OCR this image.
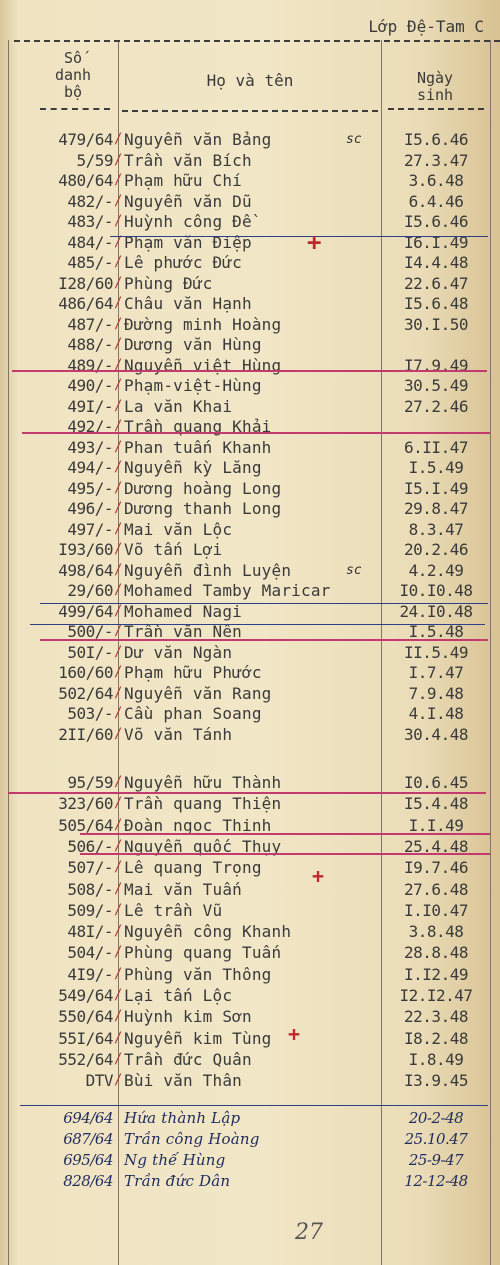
Lớp Đệ-Tam C
Số danh bộ
Họ và tên	Ngày sinh
479/64 Nguyễn văn Bảng	I5.6.46
/	sc
5/59 Trần văn Bích	27.3.47
/
480/64 Phạm hữu Chí	3.6.48
/
482/- Nguyễn văn Dũ	6.4.46
/
483/- Huỳnh công Đề	I5.6.46
/
484/- Phạm văn Điệp	I6.I.49
/
485/- Lê phước Đức	I4.4.48
/
I28/60 Phùng Đức	22.6.47
/
486/64 Châu văn Hạnh	I5.6.48
/
487/- Đường minh Hoàng	30.I.50
/
488/- Dương văn Hùng
/
489/- Nguyễn việt Hùng	I7.9.49
/
490/- Phạm-việt-Hùng	30.5.49
/
49I/- La văn Khai	27.2.46
/
492/- Trần quang Khải
/
493/- Phan tuấn Khanh	6.II.47
/
494/- Nguyễn kỳ Lăng	I.5.49
/
495/- Dương hoàng Long	I5.I.49
/
496/- Dương thanh Long	29.8.47
/
497/- Mai văn Lộc	8.3.47
/
I93/60 Võ tấn Lợi	20.2.46
/
498/64 Nguyễn đình Luyện	4.2.49
/	sc
29/60 Mohamed Tamby Maricar	I0.I0.48
/
499/64 Mohamed Nagi	24.I0.48
/
500/- Trần văn Nên	I.5.48
/
50I/- Dư văn Ngàn	II.5.49
/
160/60 Phạm hữu Phước	I.7.47
/
502/64 Nguyễn văn Rang	7.9.48
/
503/- Cầu phan Soang	4.I.48
/
2II/60 Võ văn Tánh	30.4.48
/
95/59 Nguyễn hữu Thành	I0.6.45
/
323/60 Trần quang Thiện	I5.4.48
/
505/64 Đoàn ngọc Thịnh	I.I.49
/
506/- Nguyễn quốc Thụy	25.4.48
/
507/- Lê quang Trọng	I9.7.46
/
508/- Mai văn Tuấn	27.6.48
/
509/- Lê trần Vũ	I.I0.47
/
48I/- Nguyễn công Khanh	3.8.48
/
504/- Phùng quang Tuấn	28.8.48
/
4I9/- Phùng văn Thông	I.I2.49
/
549/64 Lại tấn Lộc	I2.I2.47
/
550/64 Huỳnh kim Sơn	22.3.48
/
55I/64 Nguyễn kim Tùng	I8.2.48
/
552/64 Trần đức Quân	I.8.49
/
DTV Bùi văn Thân	I3.9.45
/
694/64 Hứa thành Lập	20-2-48
687/64 Trần công Hoàng	25.10.47
695/64 Ng thế Hùng	25-9-47
828/64 Trần đức Dân	12-12-48
+
+
+
27
